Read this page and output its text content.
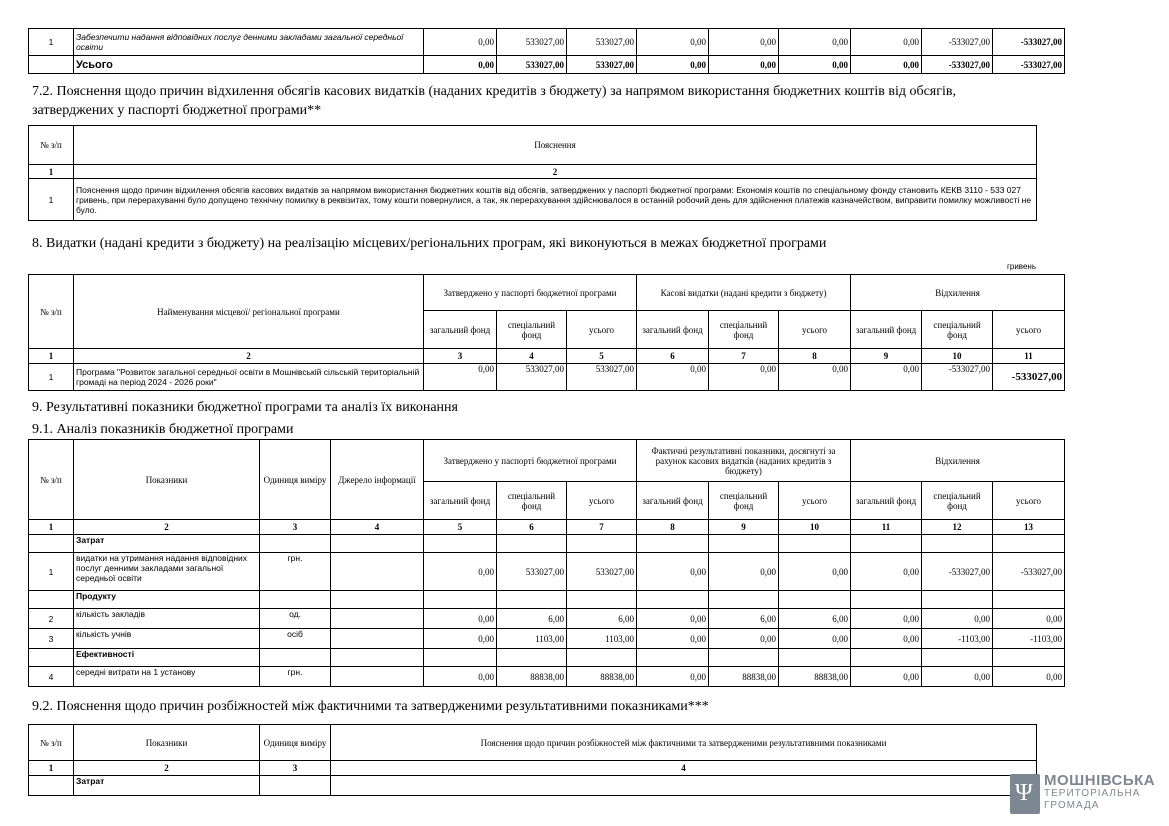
1	Забезпечити надання відповідних послуг денними закладами загальної середньої освіти	0,00	533027,00	533027,00	0,00	0,00	0,00	0,00	-533027,00	-533027,00
	Усього	0,00	533027,00	533027,00	0,00	0,00	0,00	0,00	-533027,00	-533027,00
7.2. Пояснення щодо причин відхилення обсягів касових видатків (наданих кредитів з бюджету) за напрямом використання бюджетних коштів від обсягів, затверджених у паспорті бюджетної програми**
№ з/п	Пояснення
1	2
1	Пояснення щодо причин відхилення обсягів касових видатків за напрямом використання бюджетних коштів від обсягів, затверджених у паспорті бюджетної програми: Економія коштів по спеціальному фонду становить КЕКВ 3110 - 533 027 гривень, при перерахуванні було допущено технічну помилку в реквізитах, тому кошти повернулися, а так, як перерахування здійснювалося в останній робочий день для здійснення платежів казначейством, виправити помилку можливості не було.
8. Видатки (надані кредити з бюджету) на реалізацію місцевих/регіональних програм, які виконуються в межах бюджетної програми
гривень
№ з/п	Найменування місцевої/ регіональної програми	Затверджено у паспорті бюджетної програми			Касові видатки (надані кредити з бюджету)			Відхилення		
		загальний фонд	спеціальний фонд	усього	загальний фонд	спеціальний фонд	усього	загальний фонд	спеціальний фонд	усього
1	2	3	4	5	6	7	8	9	10	11
1	Програма "Розвиток загальної середньої освіти в Мошнівській сільській територіальній громаді на період 2024 - 2026 роки"	0,00	533027,00	533027,00	0,00	0,00	0,00	0,00	-533027,00	-533027,00
9. Результативні показники бюджетної програми та аналіз їх виконання
9.1. Аналіз показників бюджетної програми
№ з/п	Показники	Одиниця виміру	Джерело інформації	Затверджено у паспорті бюджетної програми			Фактичні результативні показники, досягнуті за рахунок касових видатків (наданих кредитів з бюджету)			Відхилення		
				загальний фонд	спеціальний фонд	усього	загальний фонд	спеціальний фонд	усього	загальний фонд	спеціальний фонд	усього
1	2	3	4	5	6	7	8	9	10	11	12	13
	Затрат											
1	видатки на утримання надання відповідних послуг денними закладами загальної середньої освіти	грн.		0,00	533027,00	533027,00	0,00	0,00	0,00	0,00	-533027,00	-533027,00
	Продукту											
2	кількість закладів	од.		0,00	6,00	6,00	0,00	6,00	6,00	0,00	0,00	0,00
3	кількість учнів	осіб		0,00	1103,00	1103,00	0,00	0,00	0,00	0,00	-1103,00	-1103,00
	Ефективності											
4	середні витрати на 1 установу	грн.		0,00	88838,00	88838,00	0,00	88838,00	88838,00	0,00	0,00	0,00
9.2. Пояснення щодо причин розбіжностей між фактичними та затвердженими результативними показниками***
№ з/п	Показники	Одиниця виміру	Пояснення щодо причин розбіжностей між фактичними та затвердженими результативними показниками
1	2	3	4
	Затрат			Ψ МОШНІВСЬКА
ТЕРИТОРІАЛЬНА
ГРОМАДА
